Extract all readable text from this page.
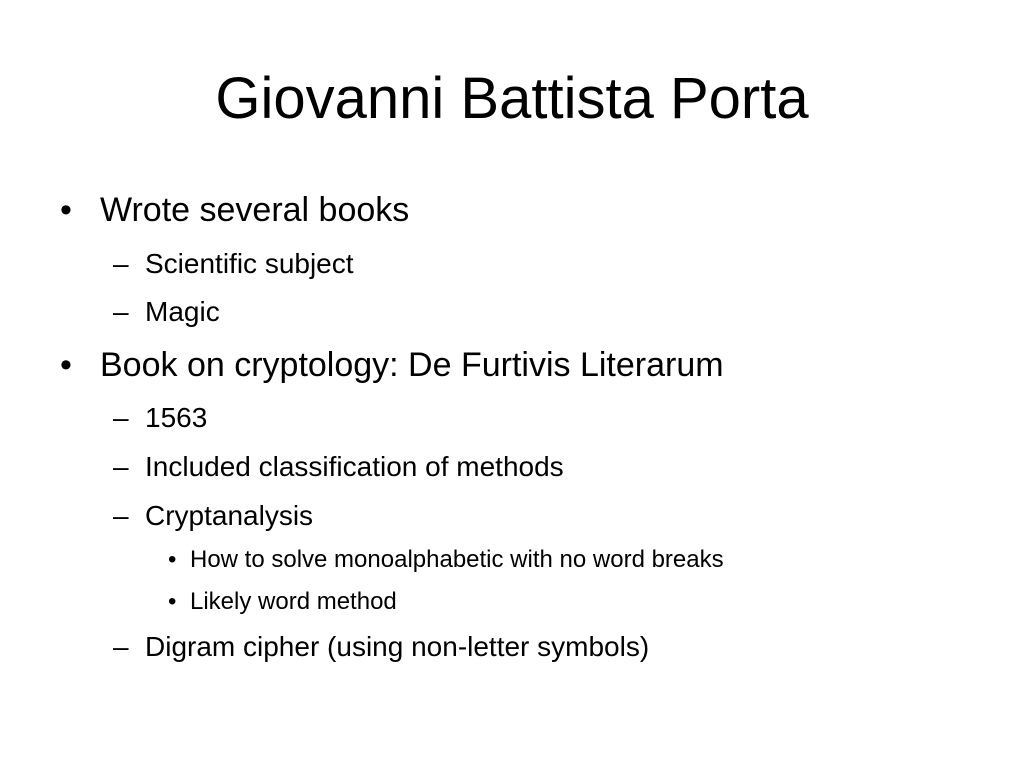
Giovanni Battista Porta
• Wrote several books
– Scientific subject
– Magic
• Book on cryptology: De Furtivis Literarum
– 1563
– Included classification of methods
– Cryptanalysis
• How to solve monoalphabetic with no word breaks
• Likely word method
– Digram cipher (using non-letter symbols)
